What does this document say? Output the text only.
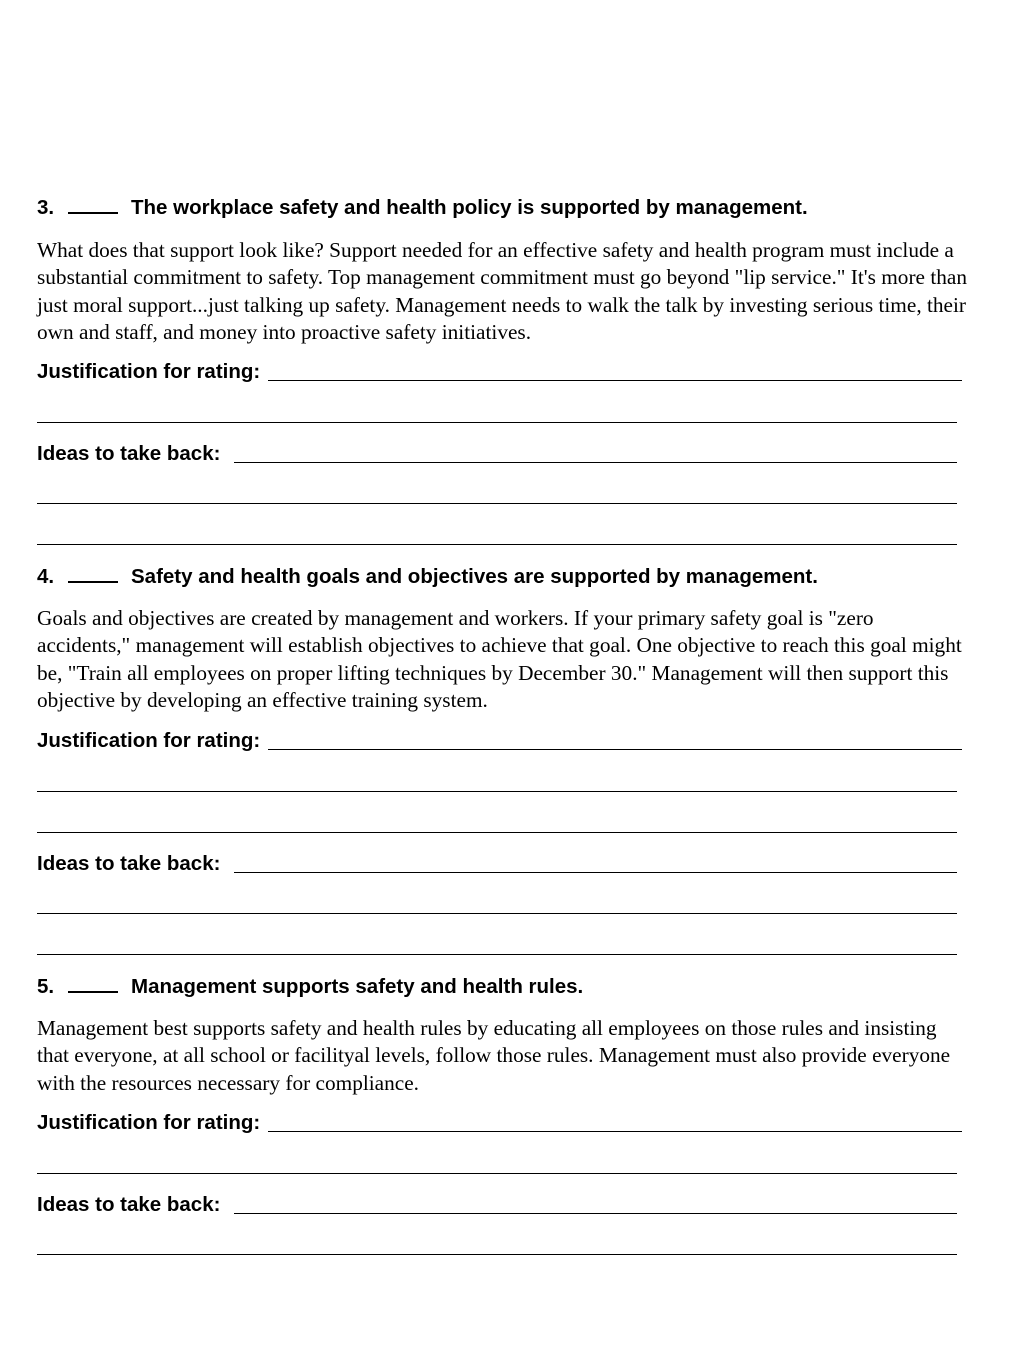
3.	The workplace safety and health policy is supported by management.
What does that support look like? Support needed for an effective safety and health program must include a substantial commitment to safety. Top management commitment must go beyond "lip service." It's more than just moral support...just talking up safety. Management needs to walk the talk by investing serious time, their own and staff, and money into proactive safety initiatives.
Justification for rating:
Ideas to take back:
4.	Safety and health goals and objectives are supported by management.
Goals and objectives are created by management and workers. If your primary safety goal is "zero accidents," management will establish objectives to achieve that goal. One objective to reach this goal might be, "Train all employees on proper lifting techniques by December 30." Management will then support this objective by developing an effective training system.
Justification for rating:
Ideas to take back:
5.	Management supports safety and health rules.
Management best supports safety and health rules by educating all employees on those rules and insisting that everyone, at all school or facilityal levels, follow those rules. Management must also provide everyone with the resources necessary for compliance.
Justification for rating:
Ideas to take back:
